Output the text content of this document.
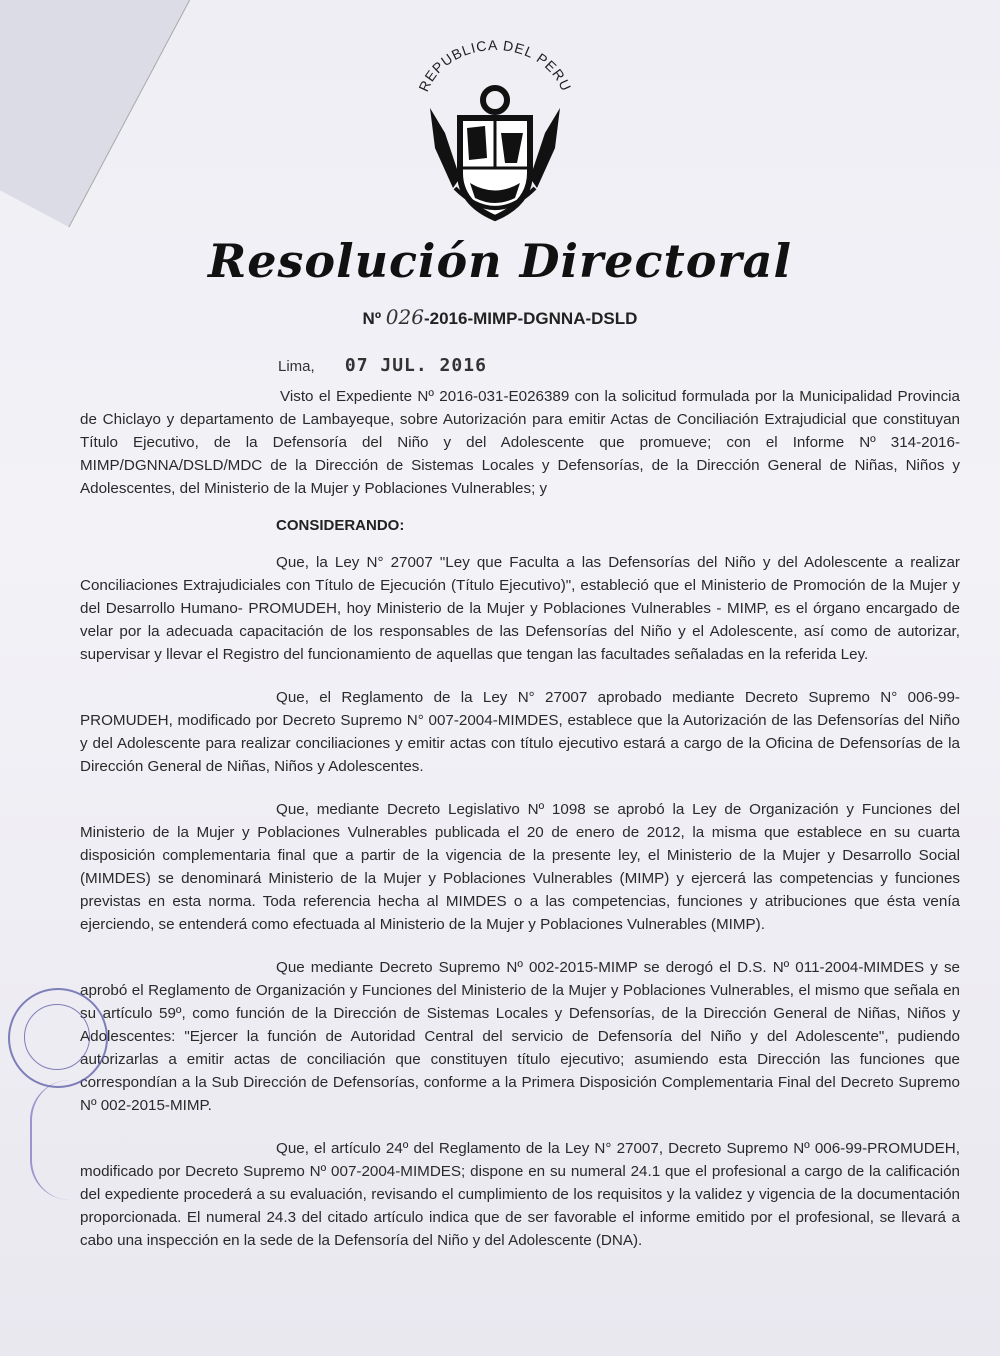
REPUBLICA DEL PERU
Resolución Directoral
Nº 026-2016-MIMP-DGNNA-DSLD
Lima, 07 JUL. 2016

Visto el Expediente Nº 2016-031-E026389 con la solicitud formulada por la Municipalidad Provincia de Chiclayo y departamento de Lambayeque, sobre Autorización para emitir Actas de Conciliación Extrajudicial que constituyan Título Ejecutivo, de la Defensoría del Niño y del Adolescente que promueve; con el Informe Nº 314-2016-MIMP/DGNNA/DSLD/MDC de la Dirección de Sistemas Locales y Defensorías, de la Dirección General de Niñas, Niños y Adolescentes, del Ministerio de la Mujer y Poblaciones Vulnerables; y

CONSIDERANDO:

Que, la Ley N° 27007 "Ley que Faculta a las Defensorías del Niño y del Adolescente a realizar Conciliaciones Extrajudiciales con Título de Ejecución (Título Ejecutivo)", estableció que el Ministerio de Promoción de la Mujer y del Desarrollo Humano- PROMUDEH, hoy Ministerio de la Mujer y Poblaciones Vulnerables - MIMP, es el órgano encargado de velar por la adecuada capacitación de los responsables de las Defensorías del Niño y el Adolescente, así como de autorizar, supervisar y llevar el Registro del funcionamiento de aquellas que tengan las facultades señaladas en la referida Ley.

Que, el Reglamento de la Ley N° 27007 aprobado mediante Decreto Supremo N° 006-99-PROMUDEH, modificado por Decreto Supremo N° 007-2004-MIMDES, establece que la Autorización de las Defensorías del Niño y del Adolescente para realizar conciliaciones y emitir actas con título ejecutivo estará a cargo de la Oficina de Defensorías de la Dirección General de Niñas, Niños y Adolescentes.

Que, mediante Decreto Legislativo Nº 1098 se aprobó la Ley de Organización y Funciones del Ministerio de la Mujer y Poblaciones Vulnerables publicada el 20 de enero de 2012, la misma que establece en su cuarta disposición complementaria final que a partir de la vigencia de la presente ley, el Ministerio de la Mujer y Desarrollo Social (MIMDES) se denominará Ministerio de la Mujer y Poblaciones Vulnerables (MIMP) y ejercerá las competencias y funciones previstas en esta norma. Toda referencia hecha al MIMDES o a las competencias, funciones y atribuciones que ésta venía ejerciendo, se entenderá como efectuada al Ministerio de la Mujer y Poblaciones Vulnerables (MIMP).

Que mediante Decreto Supremo Nº 002-2015-MIMP se derogó el D.S. Nº 011-2004-MIMDES y se aprobó el Reglamento de Organización y Funciones del Ministerio de la Mujer y Poblaciones Vulnerables, el mismo que señala en su artículo 59º, como función de la Dirección de Sistemas Locales y Defensorías, de la Dirección General de Niñas, Niños y Adolescentes: "Ejercer la función de Autoridad Central del servicio de Defensoría del Niño y del Adolescente", pudiendo autorizarlas a emitir actas de conciliación que constituyen título ejecutivo; asumiendo esta Dirección las funciones que correspondían a la Sub Dirección de Defensorías, conforme a la Primera Disposición Complementaria Final del Decreto Supremo Nº 002-2015-MIMP.

Que, el artículo 24º del Reglamento de la Ley N° 27007, Decreto Supremo Nº 006-99-PROMUDEH, modificado por Decreto Supremo Nº 007-2004-MIMDES; dispone en su numeral 24.1 que el profesional a cargo de la calificación del expediente procederá a su evaluación, revisando el cumplimiento de los requisitos y la validez y vigencia de la documentación proporcionada. El numeral 24.3 del citado artículo indica que de ser favorable el informe emitido por el profesional, se llevará a cabo una inspección en la sede de la Defensoría del Niño y del Adolescente (DNA).
